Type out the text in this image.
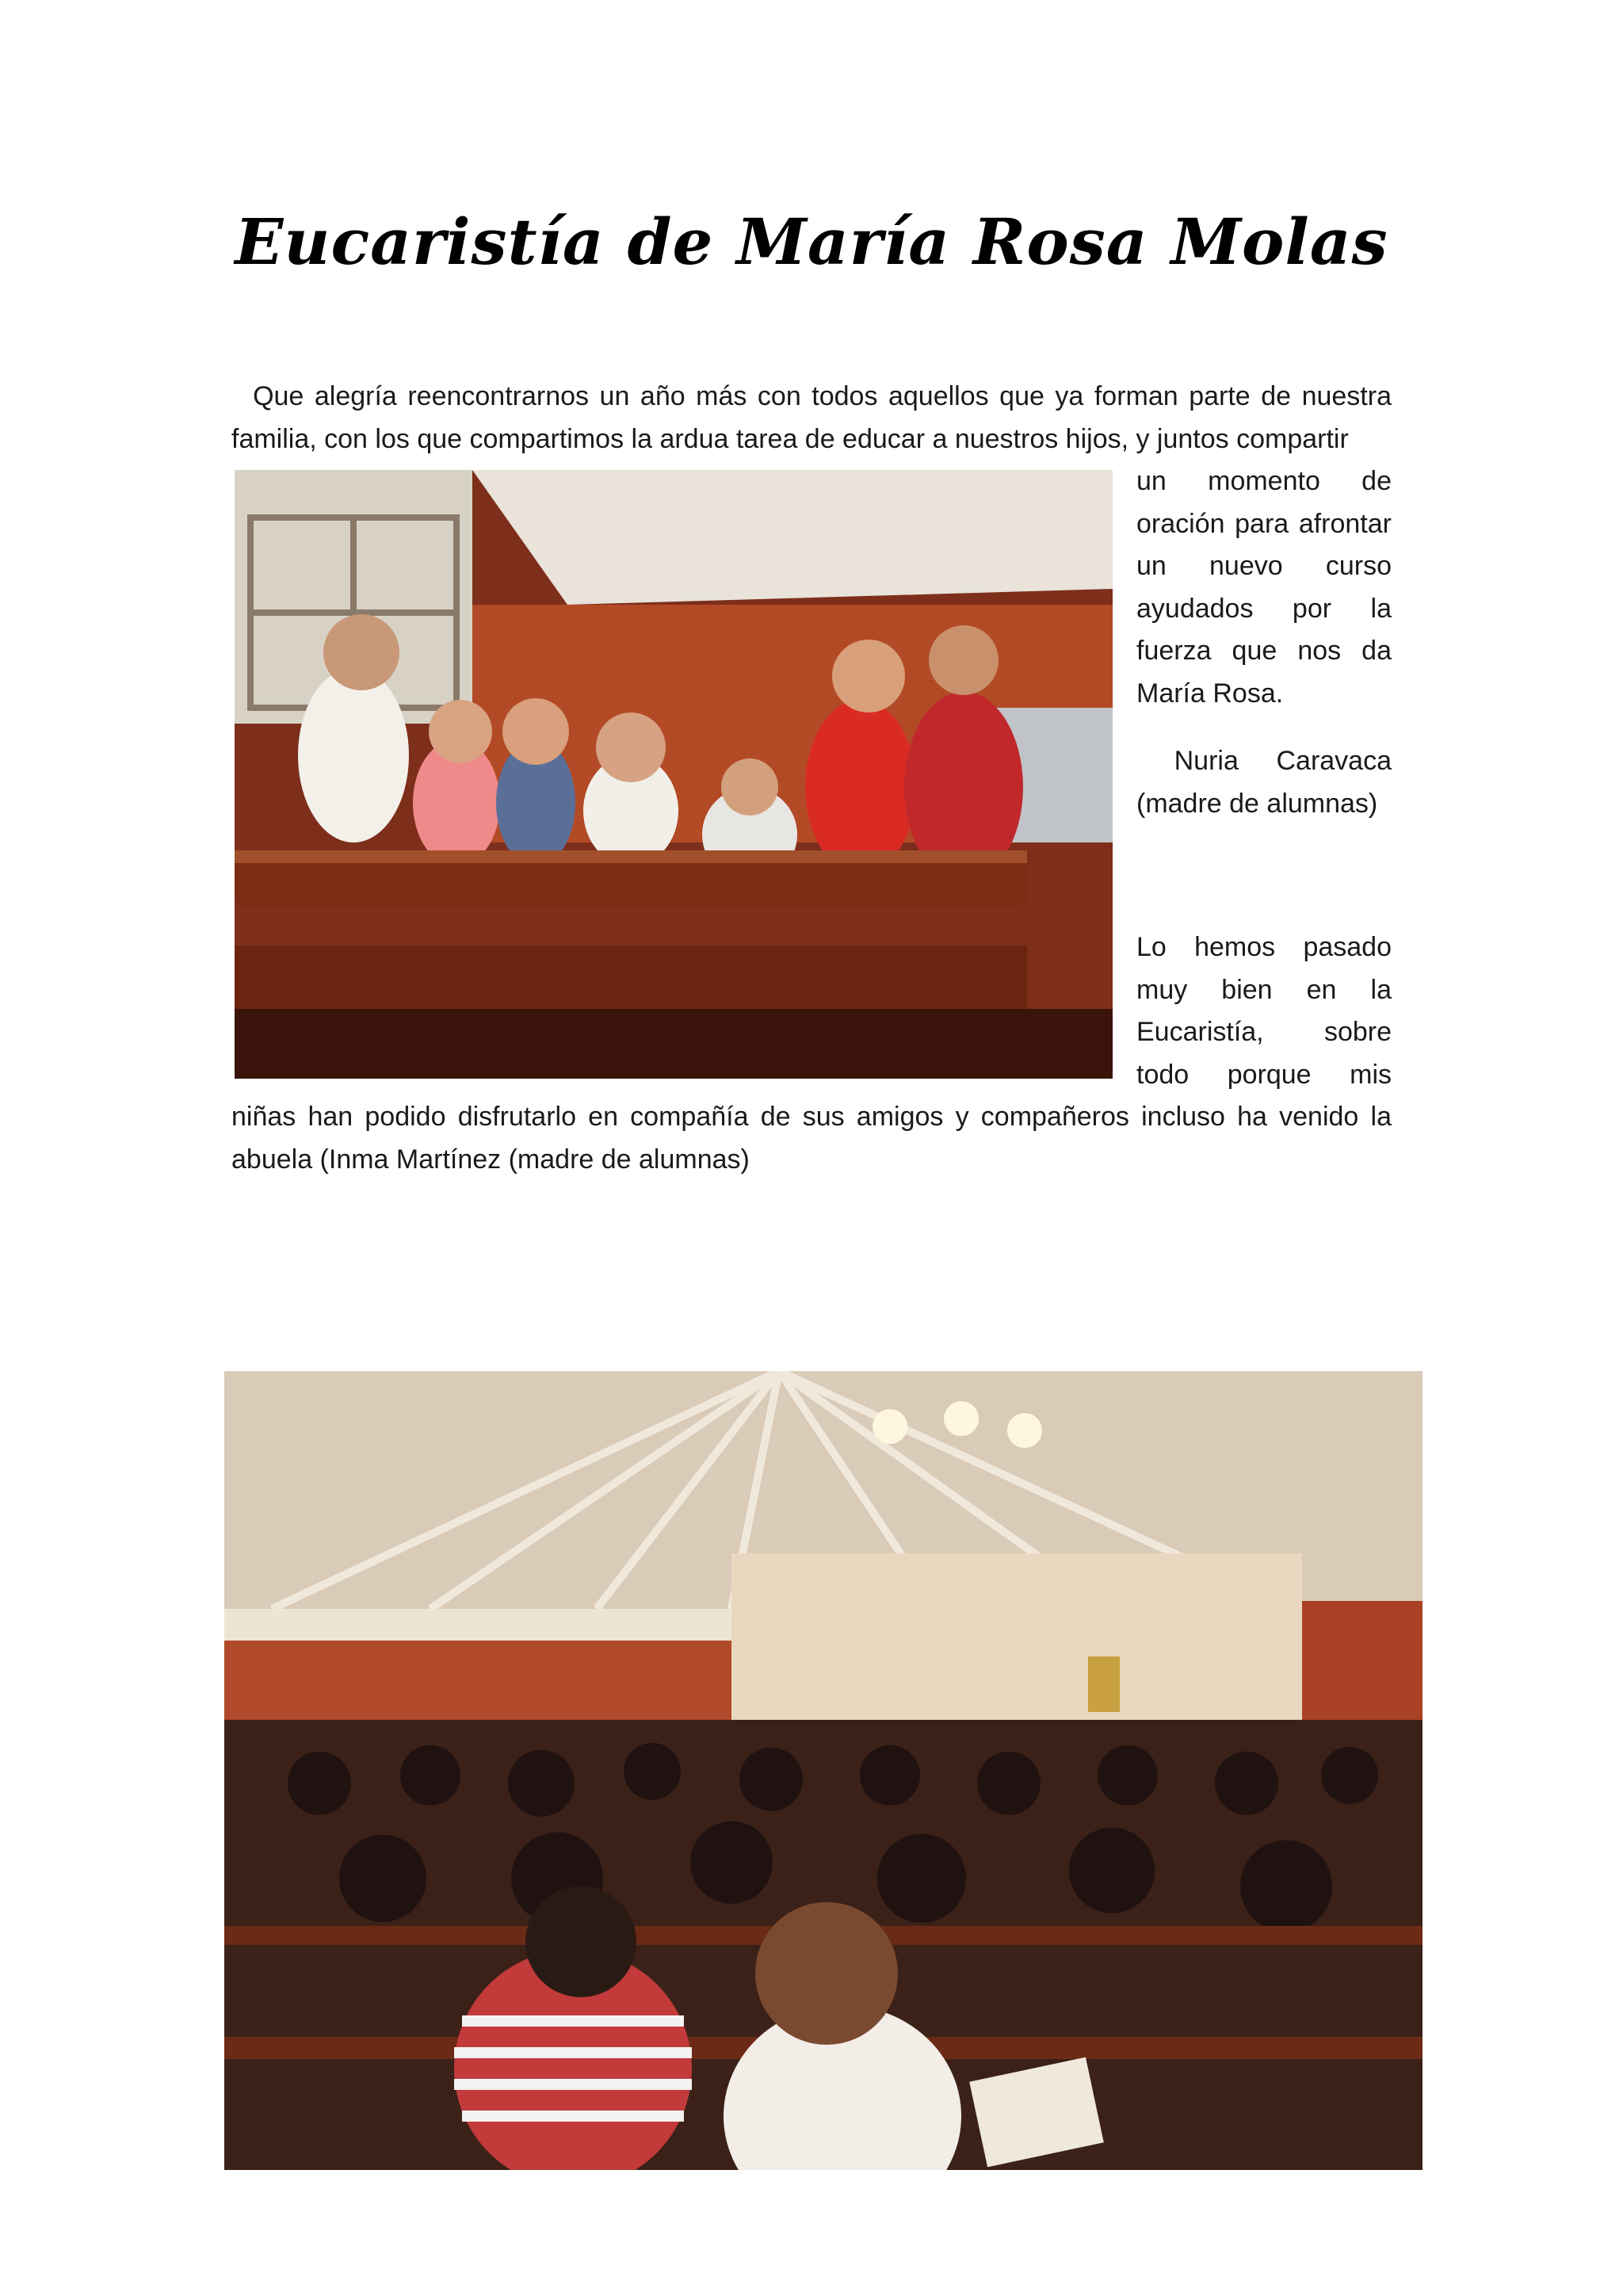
Eucaristía de María Rosa Molas

Que alegría reencontrarnos un año más con todos aquellos que ya forman parte de nuestra familia, con los que compartimos la ardua tarea de educar a nuestros hijos, y juntos compartir

un momento de oración para afrontar un nuevo curso ayudados por la fuerza que nos da María Rosa.

Nuria Caravaca (madre de alumnas)

Lo hemos pasado muy bien en la Eucaristía, sobre todo porque mis niñas han podido disfrutarlo en compañía de sus amigos y compañeros incluso ha venido la abuela (Inma Martínez (madre de alumnas)
